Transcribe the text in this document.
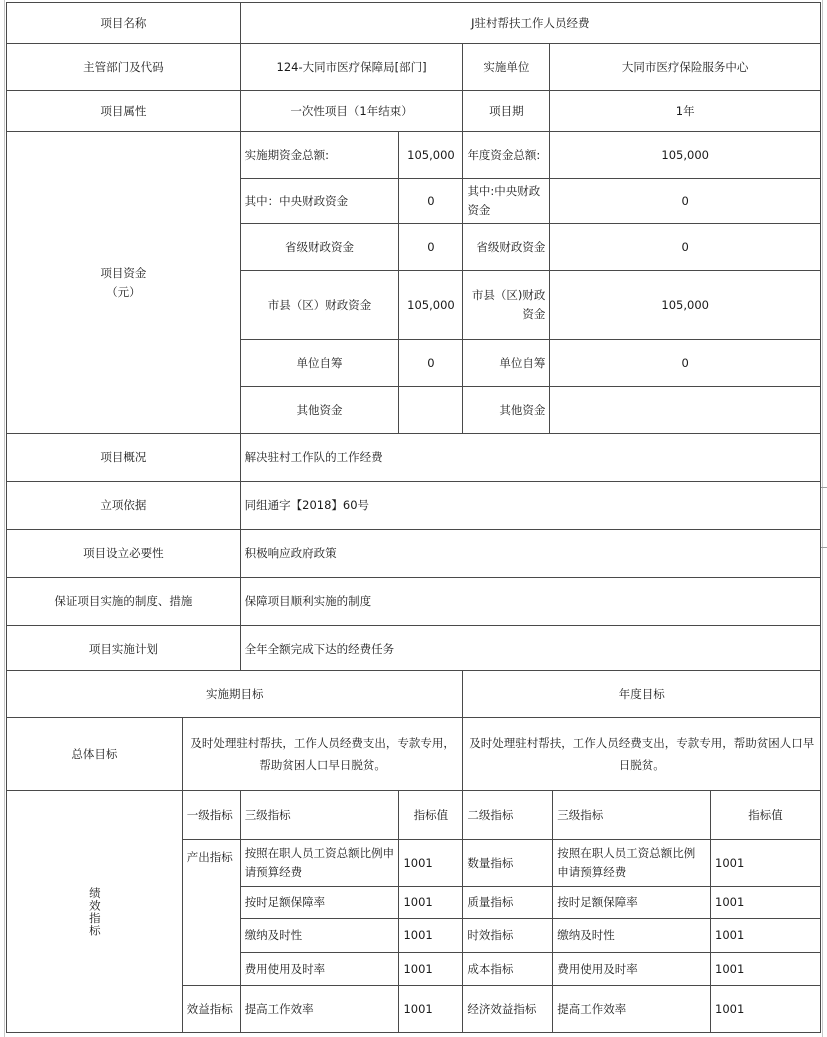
项目名称	J驻村帮扶工作人员经费			
主管部门及代码	124-大同市医疗保障局[部门]		实施单位	大同市医疗保险服务中心
项目属性	一次性项目（1年结束）		项目期	1年

项目资金
（元）	实施期资金总额:	105,000	年度资金总额:	105,000
	其中：中央财政资金	0	其中:中央财政资金	0
	省级财政资金	0	省级财政资金	0
	市县（区）财政资金	105,000	市县（区)财政资金	105,000
	单位自筹	0	单位自筹	0
	其他资金		其他资金	
项目概况	解决驻村工作队的工作经费			
立项依据	同组通字【2018】60号			
项目设立必要性	积极响应政府政策			
保证项目实施的制度、措施	保障项目顺利实施的制度			
项目实施计划	全年全额完成下达的经费任务			
实施期目标				年度目标		
总体目标	及时处理驻村帮扶，工作人员经费支出，专款专用，帮助贫困人口早日脱贫。			及时处理驻村帮扶，工作人员经费支出，专款专用，帮助贫困人口早日脱贫。		

绩效指标	一级指标	三级指标	指标值	二级指标	三级指标	指标值
	产出指标	按照在职人员工资总额比例申请预算经费	1001	数量指标	按照在职人员工资总额比例申请预算经费	1001
		按时足额保障率	1001	质量指标	按时足额保障率	1001
		缴纳及时性	1001	时效指标	缴纳及时性	1001
		费用使用及时率	1001	成本指标	费用使用及时率	1001
	效益指标	提高工作效率	1001	经济效益指标	提高工作效率	1001
